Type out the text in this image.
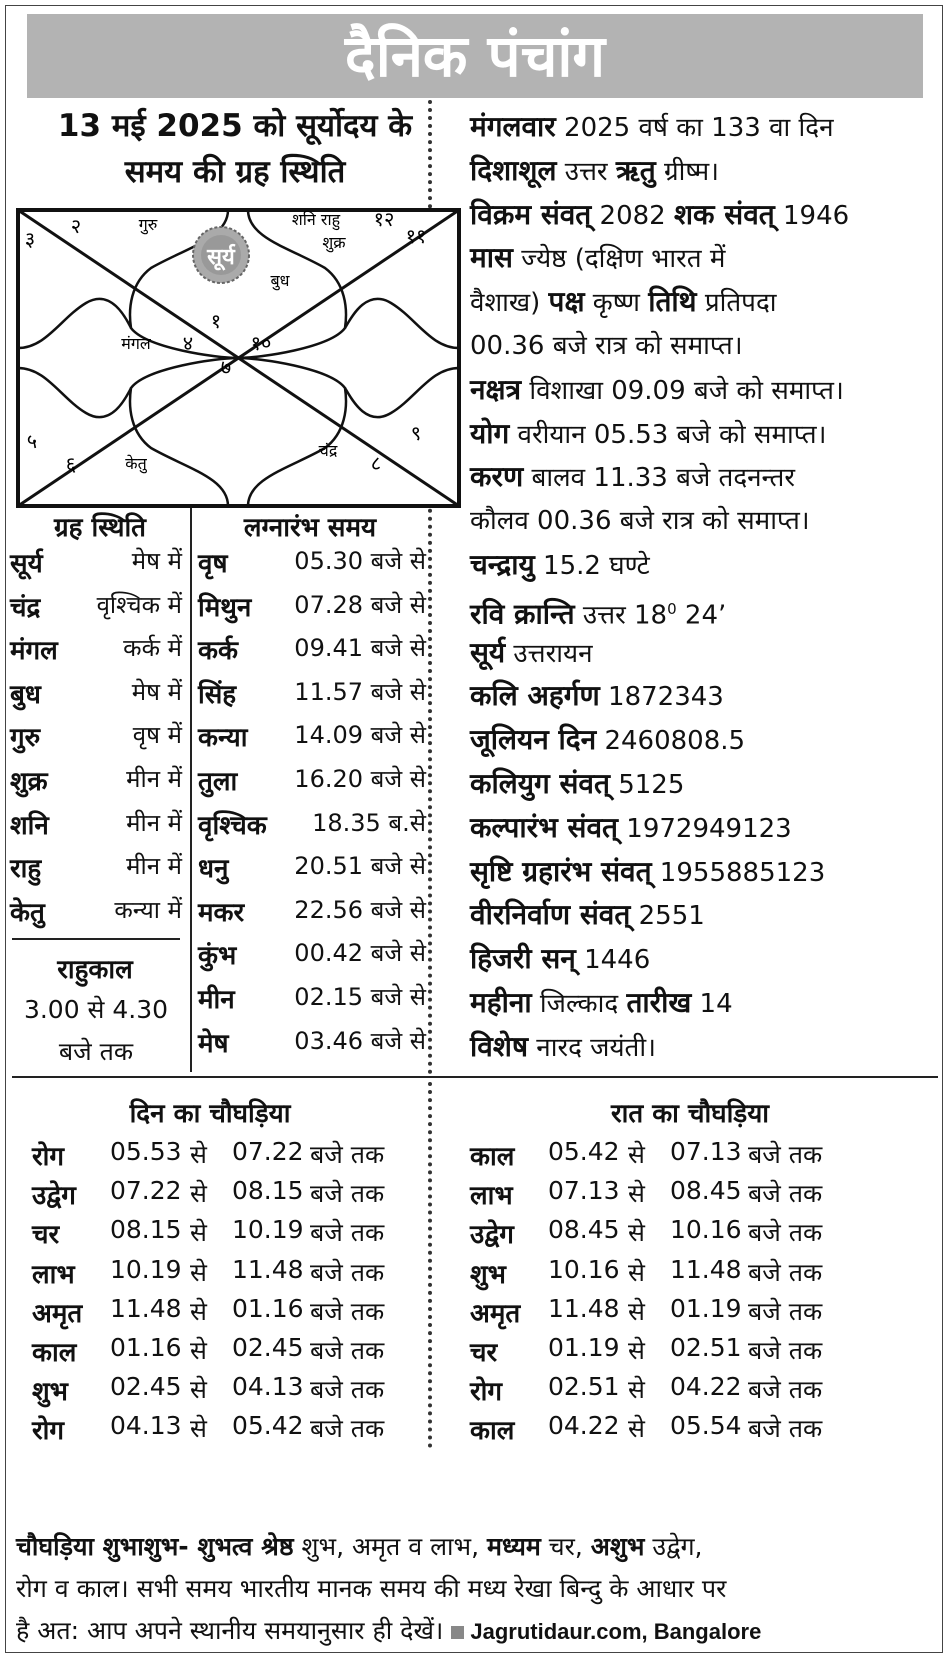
दैनिक पंचांग
13 मई 2025 को सूर्योदय के
समय की ग्रह स्थिति
२
३
१
४	१०
७
१२
११
५
६	८
९
गुरु	शनि राहु
शुक्र
सूर्य
बुध
मंगल
केतु
चंद्र
ग्रह स्थिति	लग्नारंभ समय
सूर्य	मेष में
चंद्र वृश्चिक में
मंगल	कर्क में
बुध	मेष में
गुरु	वृष में
शुक्र	मीन में
शनि	मीन में
राहु	मीन में
केतु	कन्या में
वृष	05.30 बजे से
मिथुन 07.28 बजे से
कर्क 09.41 बजे से
सिंह 11.57 बजे से
कन्या 14.09 बजे से
तुला 16.20 बजे से
वृश्चिक 18.35 ब.से
धनु	20.51 बजे से
मकर 22.56 बजे से
कुंभ 00.42 बजे से
मीन 02.15 बजे से
मेष	03.46 बजे से
राहुकाल
3.00 से 4.30
बजे तक
मंगलवार 2025 वर्ष का 133 वा दिन
दिशाशूल उत्तर ऋतु ग्रीष्म।
विक्रम संवत् 2082 शक संवत् 1946
मास ज्येष्ठ (दक्षिण भारत में
वैशाख) पक्ष कृष्ण तिथि प्रतिपदा
00.36 बजे रात्र को समाप्त।
नक्षत्र विशाखा 09.09 बजे को समाप्त।
योग वरीयान 05.53 बजे को समाप्त।
करण बालव 11.33 बजे तदनन्तर
कौलव 00.36 बजे रात्र को समाप्त।
चन्द्रायु 15.2 घण्टे
रवि क्रान्ति उत्तर $18^0$ 24’
सूर्य उत्तरायन
कलि अहर्गण 1872343
जूलियन दिन 2460808.5
कलियुग संवत् 5125
कल्पारंभ संवत् 1972949123
सृष्टि ग्रहारंभ संवत् 1955885123
वीरनिर्वाण संवत् 2551
हिजरी सन् 1446
महीना जिल्काद तारीख 14
विशेष नारद जयंती।
दिन का चौघड़िया	रात का चौघड़िया
रोग 05.53 से 07.22 बजे तक
उद्वेग 07.22 से 08.15 बजे तक
चर 08.15 से 10.19 बजे तक
लाभ 10.19 से 11.48 बजे तक
अमृत 11.48 से 01.16 बजे तक
काल 01.16 से 02.45 बजे तक
शुभ 02.45 से 04.13 बजे तक
रोग 04.13 से 05.42 बजे तक
काल 05.42 से 07.13 बजे तक
लाभ 07.13 से 08.45 बजे तक
उद्वेग 08.45 से 10.16 बजे तक
शुभ 10.16 से 11.48 बजे तक
अमृत 11.48 से 01.19 बजे तक
चर 01.19 से 02.51 बजे तक
रोग 02.51 से 04.22 बजे तक
काल 04.22 से 05.54 बजे तक
चौघड़िया शुभाशुभ- शुभत्व श्रेष्ठ शुभ, अमृत व लाभ, मध्यम चर, अशुभ उद्वेग,
रोग व काल। सभी समय भारतीय मानक समय की मध्य रेखा बिन्दु के आधार पर
है अत: आप अपने स्थानीय समयानुसार ही देखें। Jagrutidaur.com, Bangalore
